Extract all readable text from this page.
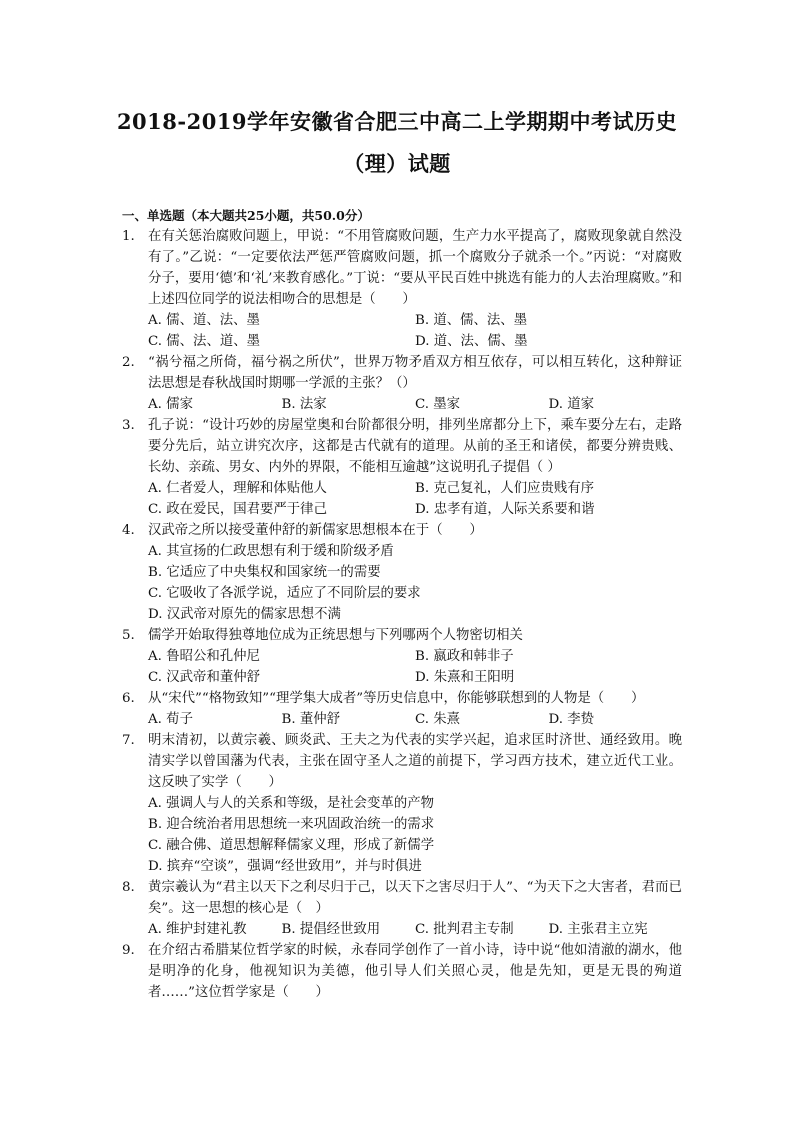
2018-2019学年安徽省合肥三中高二上学期期中考试历史
（理）试题
一、单选题（本大题共25小题，共50.0分）
1. 在有关惩治腐败问题上，甲说：“不用管腐败问题，生产力水平提高了，腐败现象就自然没有了。”乙说：“一定要依法严惩严管腐败问题，抓一个腐败分子就杀一个。”丙说：“对腐败分子，要用‘德’和‘礼’来教育感化。”丁说：“要从平民百姓中挑选有能力的人去治理腐败。”和上述四位同学的说法相吻合的思想是（　　）
A. 儒、道、法、墨	B. 道、儒、法、墨
C. 儒、法、道、墨	D. 道、法、儒、墨
2. “祸兮福之所倚，福兮祸之所伏”，世界万物矛盾双方相互依存，可以相互转化，这种辩证法思想是春秋战国时期哪一学派的主张？（）
A. 儒家	B. 法家	C. 墨家	D. 道家
3. 孔子说：“设计巧妙的房屋堂奥和台阶都很分明，排列坐席都分上下，乘车要分左右，走路要分先后，站立讲究次序，这都是古代就有的道理。从前的圣王和诸侯，都要分辨贵贱、长幼、亲疏、男女、内外的界限，不能相互逾越”这说明孔子提倡（ ）
A. 仁者爱人，理解和体贴他人	B. 克己复礼，人们应贵贱有序
C. 政在爱民，国君要严于律己	D. 忠孝有道，人际关系要和谐
4. 汉武帝之所以接受董仲舒的新儒家思想根本在于（　　）
A. 其宣扬的仁政思想有利于缓和阶级矛盾
B. 它适应了中央集权和国家统一的需要
C. 它吸收了各派学说，适应了不同阶层的要求
D. 汉武帝对原先的儒家思想不满
5. 儒学开始取得独尊地位成为正统思想与下列哪两个人物密切相关
A. 鲁昭公和孔仲尼	B. 嬴政和韩非子
C. 汉武帝和董仲舒	D. 朱熹和王阳明
6. 从“宋代”“格物致知”“理学集大成者”等历史信息中，你能够联想到的人物是（　　）
A. 荀子	B. 董仲舒	C. 朱熹	D. 李贽
7. 明末清初，以黄宗羲、顾炎武、王夫之为代表的实学兴起，追求匡时济世、通经致用。晚清实学以曾国藩为代表，主张在固守圣人之道的前提下，学习西方技术，建立近代工业。这反映了实学（　　）
A. 强调人与人的关系和等级，是社会变革的产物
B. 迎合统治者用思想统一来巩固政治统一的需求
C. 融合佛、道思想解释儒家义理，形成了新儒学
D. 摈弃“空谈”，强调“经世致用”，并与时俱进
8. 黄宗羲认为“君主以天下之利尽归于己，以天下之害尽归于人”、“为天下之大害者，君而已矣”。这一思想的核心是（　）
A. 维护封建礼教	B. 提倡经世致用	C. 批判君主专制	D. 主张君主立宪
9. 在介绍古希腊某位哲学家的时候，永春同学创作了一首小诗，诗中说“他如清澈的湖水，他是明净的化身，他视知识为美德，他引导人们关照心灵，他是先知，更是无畏的殉道者……”这位哲学家是（　　）
